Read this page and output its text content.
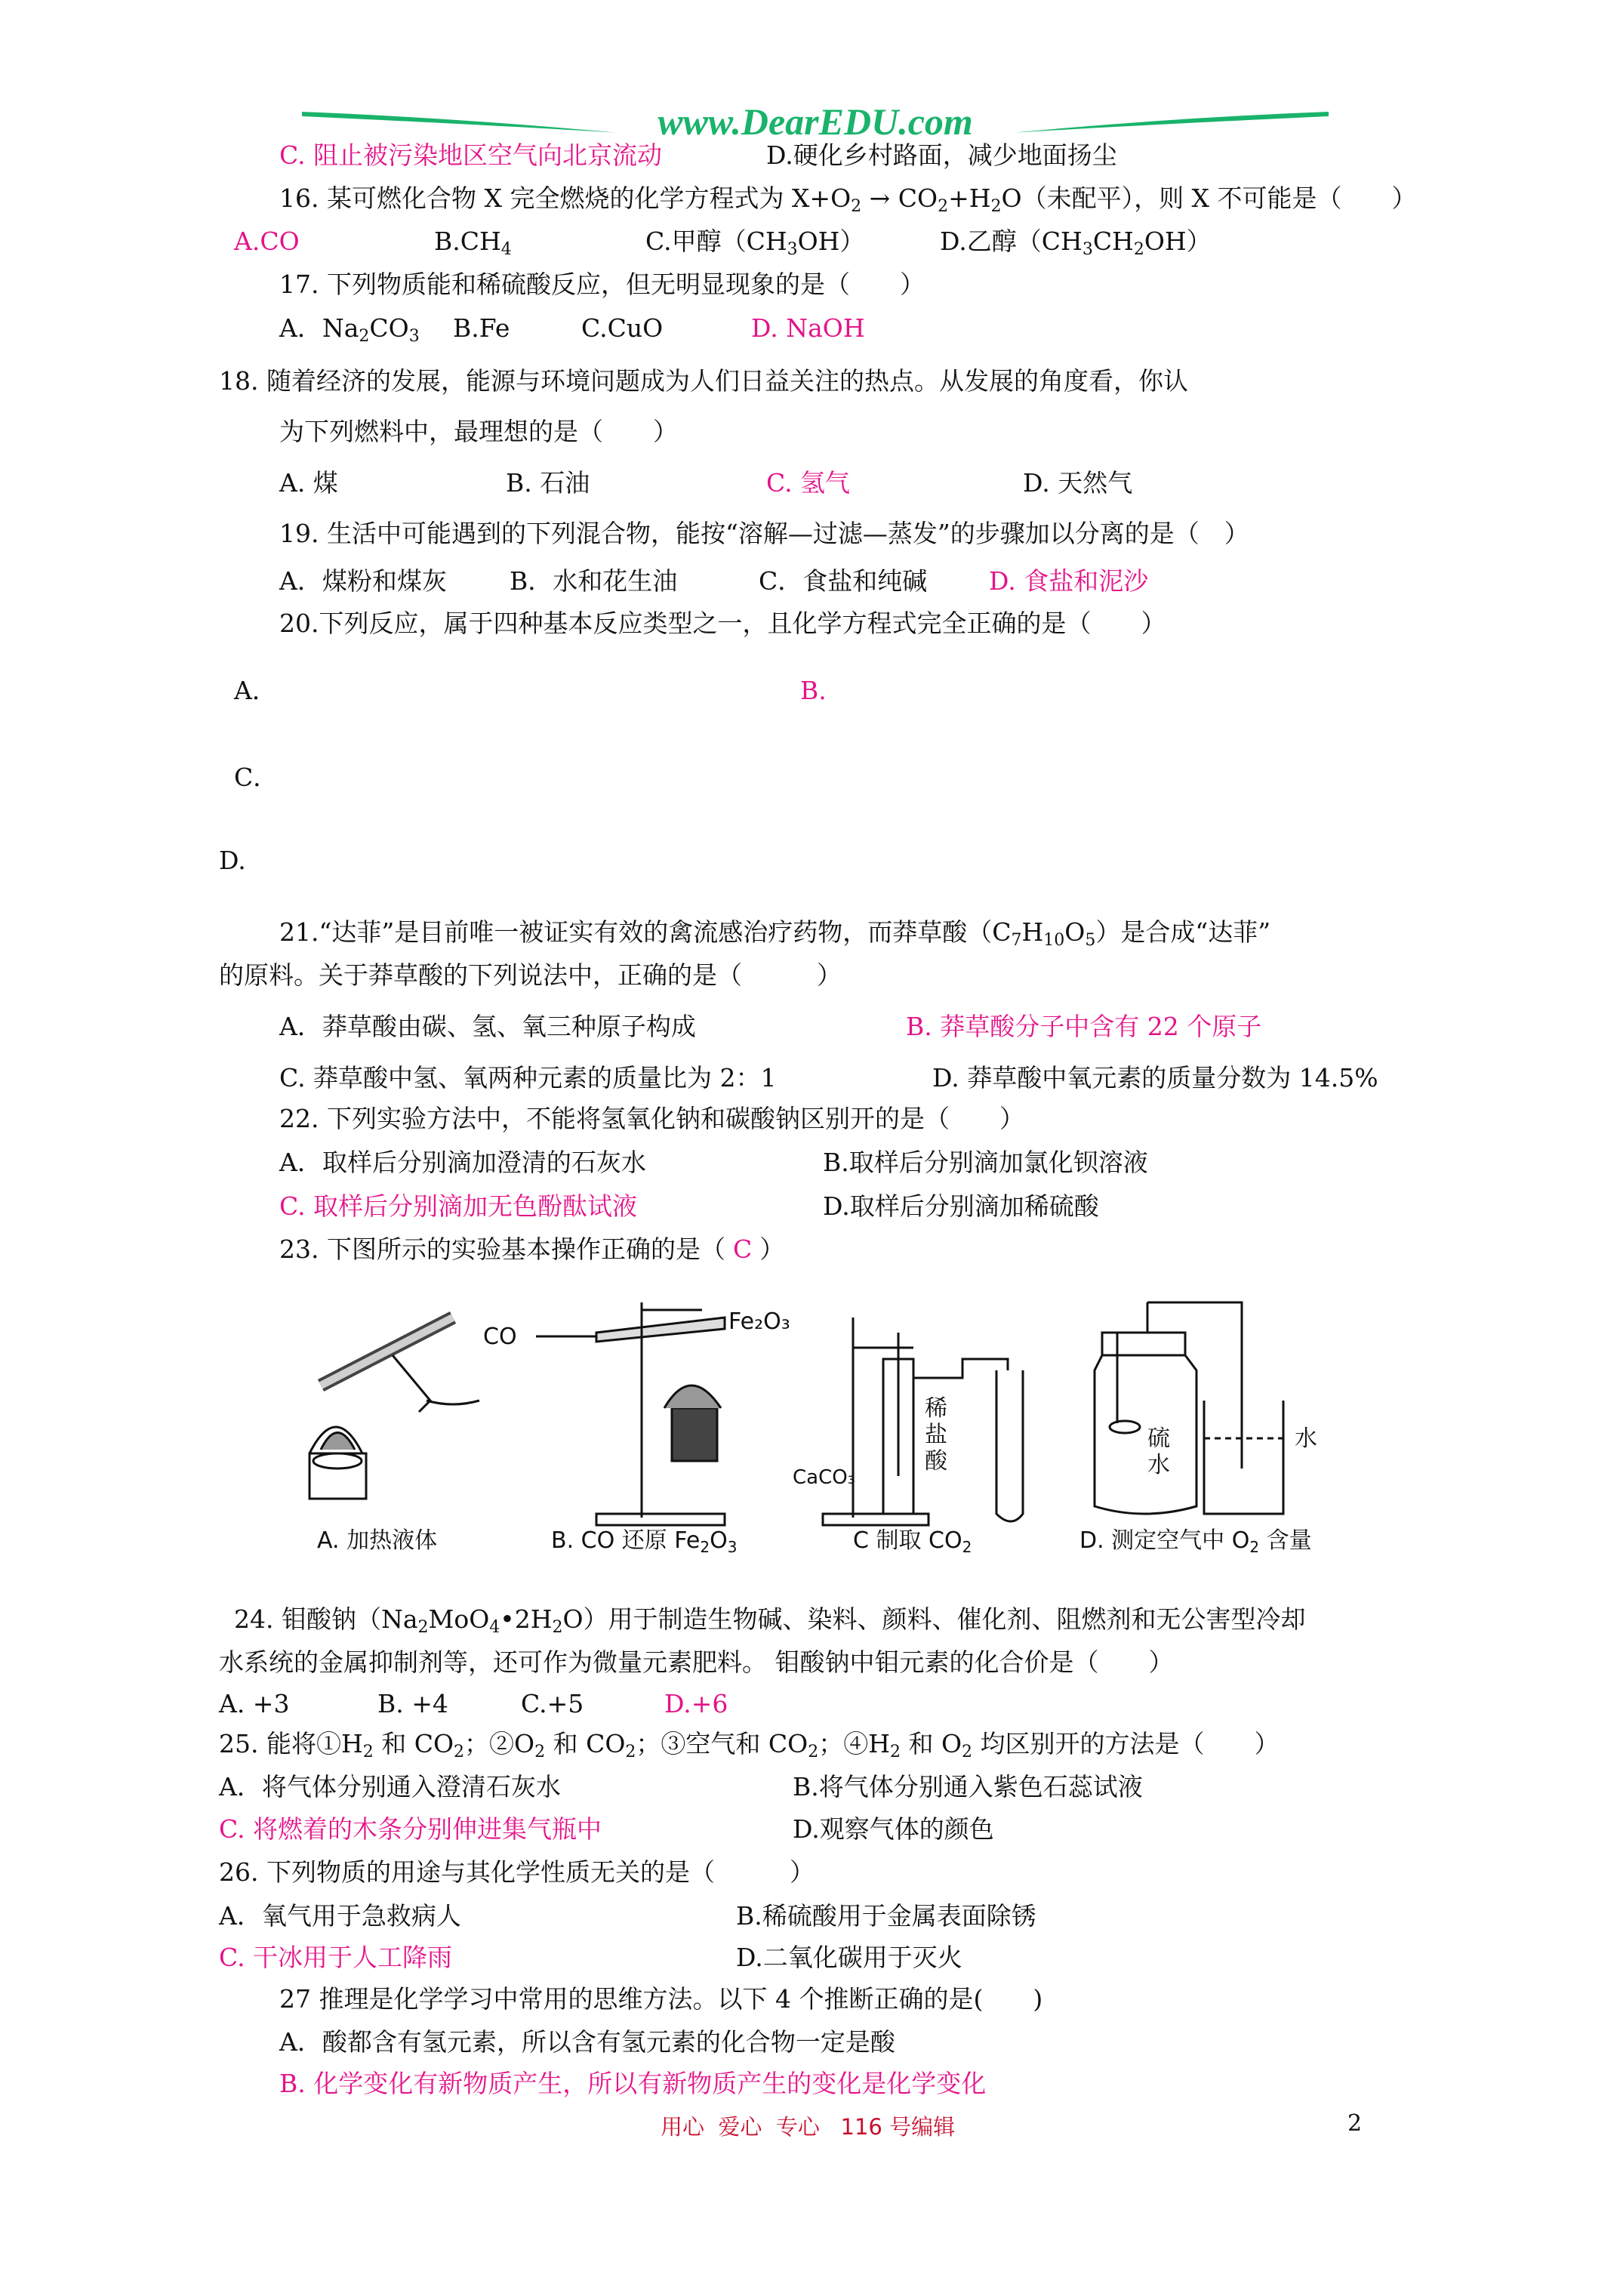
www.DearEDU.com
C. 阻止被污染地区空气向北京流动	D.硬化乡村路面，减少地面扬尘
16. 某可燃化合物 X 完全燃烧的化学方程式为 $X+O_2 \to CO_2+H_2O$（未配平），则 X 不可能是（　　）
A.CO	$B.CH_4$	C.甲醇$(CH_3OH)$	D.乙醇$(CH_3CH_2OH)$
17. 下列物质能和稀硫酸反应，但无明显现象的是（　　）
A．$Na_2CO_3$ B.Fe	C.CuO	D. NaOH
18. 随着经济的发展，能源与环境问题成为人们日益关注的热点。从发展的角度看，你认
为下列燃料中，最理想的是（　　）
A. 煤	B. 石油	C. 氢气	D. 天然气
19. 生活中可能遇到的下列混合物，能按“溶解—过滤—蒸发”的步骤加以分离的是（　）
A．煤粉和煤灰	B．水和花生油	C．食盐和纯碱 D. 食盐和泥沙
20.下列反应，属于四种基本反应类型之一，且化学方程式完全正确的是（　　）
A．	B.
C．
D.
21.“达菲”是目前唯一被证实有效的禽流感治疗药物，而莽草酸$(C_7H_{10}O_5)$是合成“达菲”
的原料。关于莽草酸的下列说法中，正确的是（　　　）
A．莽草酸由碳、氢、氧三种原子构成	B. 莽草酸分子中含有 22 个原子
C. 莽草酸中氢、氧两种元素的质量比为 2：1	D. 莽草酸中氧元素的质量分数为 14.5%
22. 下列实验方法中，不能将氢氧化钠和碳酸钠区别开的是（　　）
A．取样后分别滴加澄清的石灰水	B.取样后分别滴加氯化钡溶液
C. 取样后分别滴加无色酚酞试液	D.取样后分别滴加稀硫酸
23. 下图所示的实验基本操作正确的是（ C ）
CO
Fe₂O₃
稀
盐
酸
CaCO₃
硫
水
水
A. 加热液体	B. CO 还原 $Fe_2O_3$	C 制取 $CO_2$	D. 测定空气中 $O_2$ 含量
24. 钼酸钠$(Na_2MoO_4•2H_2O)$用于制造生物碱、染料、颜料、催化剂、阻燃剂和无公害型冷却
水系统的金属抑制剂等，还可作为微量元素肥料。 钼酸钠中钼元素的化合价是（　　）
A. +3	B. +4	C.+5	D.+6
25. 能将$①H_2$ 和 $CO_2$；$②O_2$ 和 $CO_2$；③空气和 $CO_2$；$④H_2$ 和 $O_2$ 均区别开的方法是（　　）
A．将气体分别通入澄清石灰水	B.将气体分别通入紫色石蕊试液
C. 将燃着的木条分别伸进集气瓶中	D.观察气体的颜色
26. 下列物质的用途与其化学性质无关的是（　　　）
A．氧气用于急救病人	B.稀硫酸用于金属表面除锈
C. 干冰用于人工降雨	D.二氧化碳用于灭火
27 推理是化学学习中常用的思维方法。以下 4 个推断正确的是(　　)
A．酸都含有氢元素，所以含有氢元素的化合物一定是酸
B. 化学变化有新物质产生，所以有新物质产生的变化是化学变化
用心  爱心  专心   116 号编辑	2
